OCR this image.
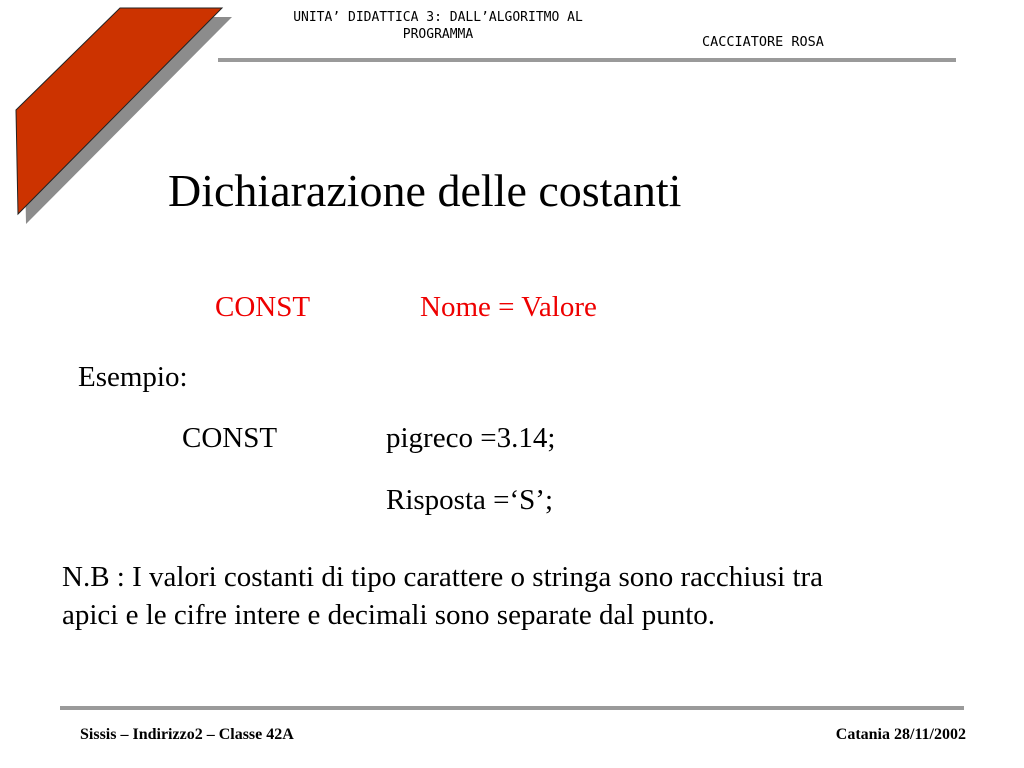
UNITA’ DIDATTICA 3: DALL’ALGORITMO AL
PROGRAMMA	CACCIATORE ROSA
Dichiarazione delle costanti
CONST	Nome = Valore
Esempio:
CONST	pigreco =3.14;
Risposta =‘S’;
N.B : I valori costanti di tipo carattere o stringa sono racchiusi tra
apici e le cifre intere e decimali sono separate dal punto.
Sissis – Indirizzo2 – Classe 42A	Catania 28/11/2002
